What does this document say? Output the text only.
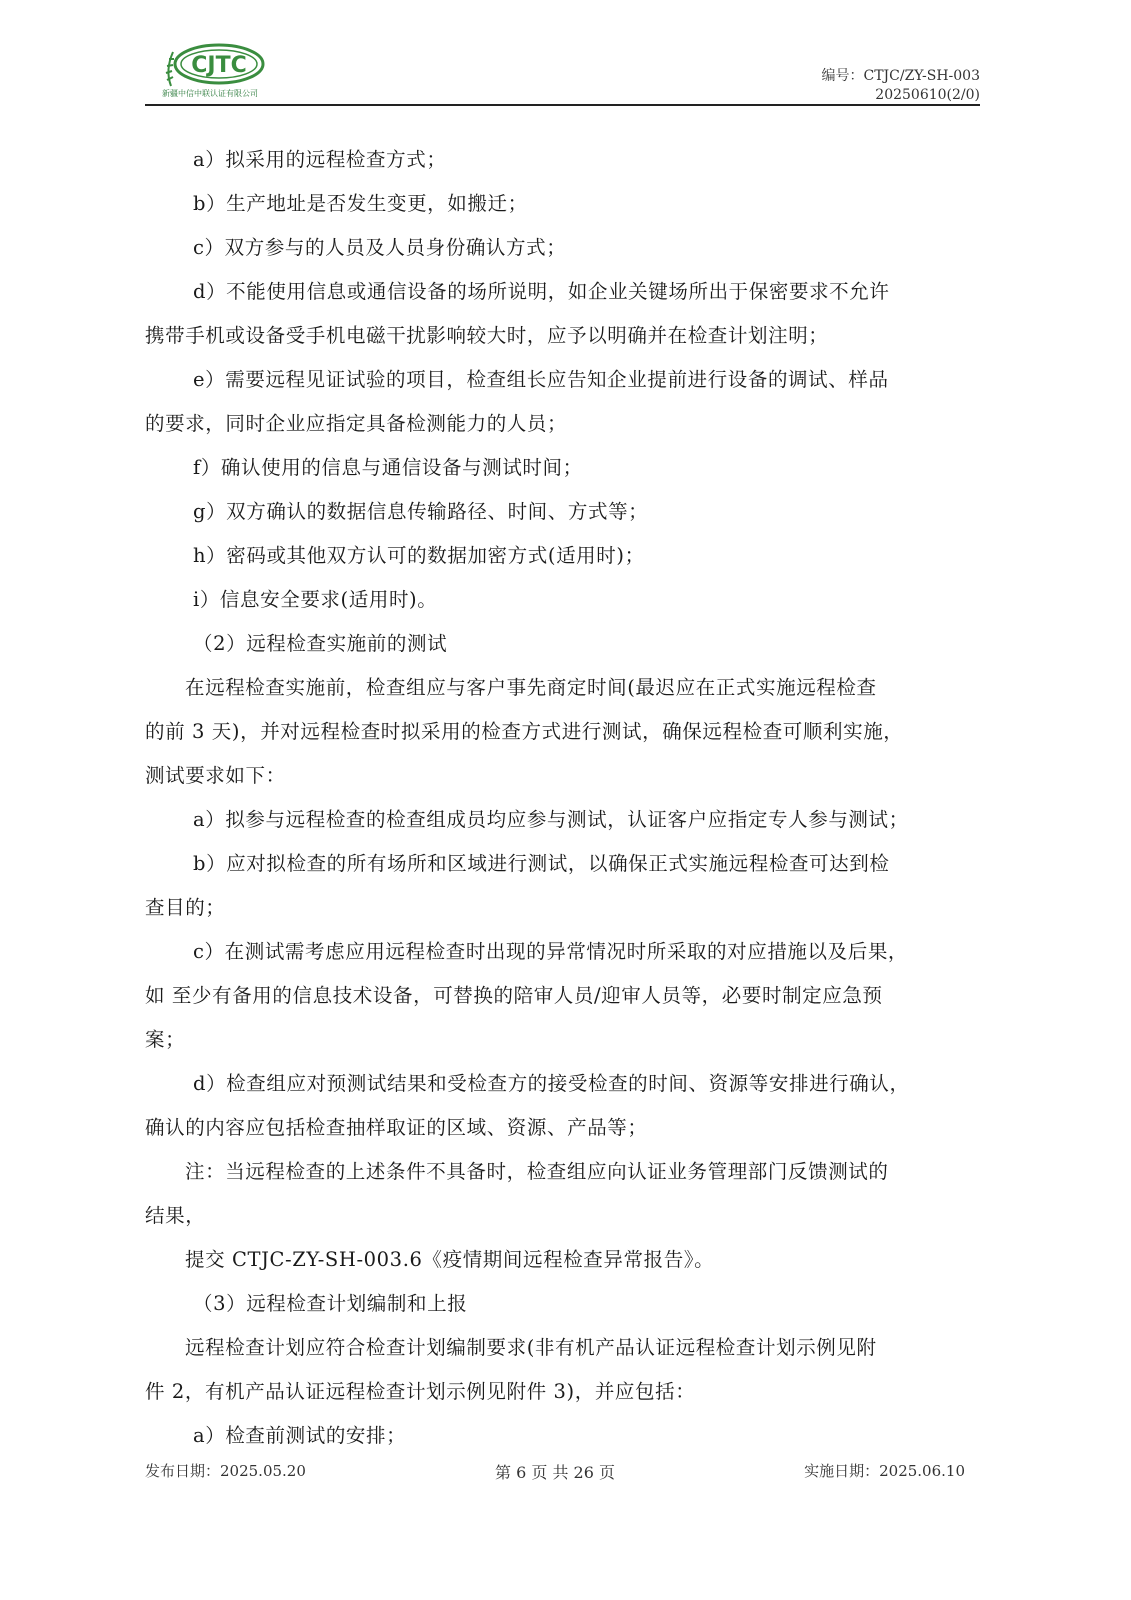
CJTC
新疆中信中联认证有限公司
编号：CTJC/ZY-SH-003
20250610(2/0)
a）拟采用的远程检查方式；
b）生产地址是否发生变更，如搬迁；
c）双方参与的人员及人员身份确认方式；
d）不能使用信息或通信设备的场所说明，如企业关键场所出于保密要求不允许
携带手机或设备受手机电磁干扰影响较大时，应予以明确并在检查计划注明；
e）需要远程见证试验的项目，检查组长应告知企业提前进行设备的调试、样品
的要求，同时企业应指定具备检测能力的人员；
f）确认使用的信息与通信设备与测试时间；
g）双方确认的数据信息传输路径、时间、方式等；
h）密码或其他双方认可的数据加密方式(适用时)；
i）信息安全要求(适用时)。
（2）远程检查实施前的测试
在远程检查实施前，检查组应与客户事先商定时间(最迟应在正式实施远程检查
的前 3 天)，并对远程检查时拟采用的检查方式进行测试，确保远程检查可顺利实施，
测试要求如下：
a）拟参与远程检查的检查组成员均应参与测试，认证客户应指定专人参与测试；
b）应对拟检查的所有场所和区域进行测试，以确保正式实施远程检查可达到检
查目的；
c）在测试需考虑应用远程检查时出现的异常情况时所采取的对应措施以及后果，
如 至少有备用的信息技术设备，可替换的陪审人员/迎审人员等，必要时制定应急预
案；
d）检查组应对预测试结果和受检查方的接受检查的时间、资源等安排进行确认，
确认的内容应包括检查抽样取证的区域、资源、产品等；
注：当远程检查的上述条件不具备时，检查组应向认证业务管理部门反馈测试的
结果，
提交 CTJC-ZY-SH-003.6《疫情期间远程检查异常报告》。
（3）远程检查计划编制和上报
远程检查计划应符合检查计划编制要求(非有机产品认证远程检查计划示例见附
件 2，有机产品认证远程检查计划示例见附件 3)，并应包括：
a）检查前测试的安排；
发布日期：2025.05.20	第 6 页 共 26 页	实施日期：2025.06.10
